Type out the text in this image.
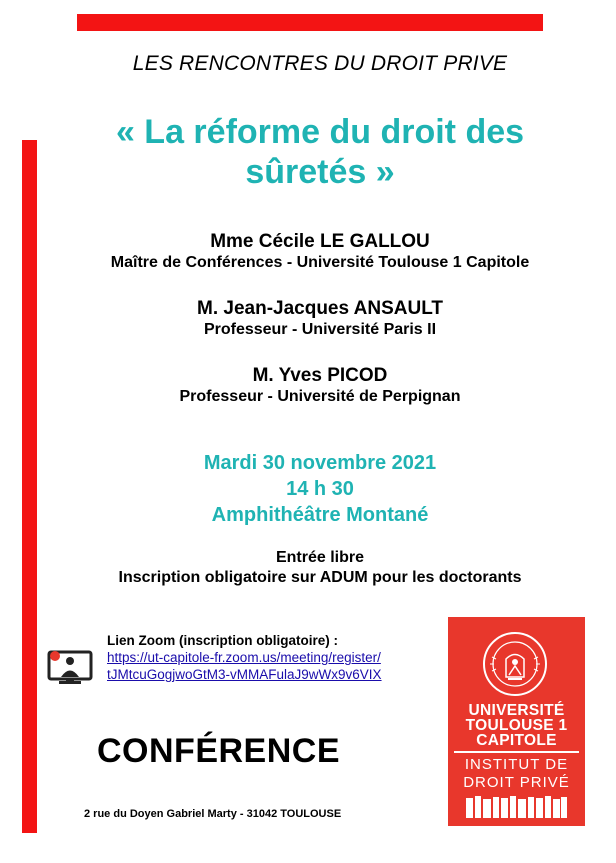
LES RENCONTRES DU DROIT PRIVE
« La réforme du droit des
sûretés »
Mme Cécile LE GALLOU
Maître de Conférences - Université Toulouse 1 Capitole
M. Jean-Jacques ANSAULT
Professeur - Université Paris II
M. Yves PICOD
Professeur - Université de Perpignan
Mardi 30 novembre 2021
14 h 30
Amphithéâtre Montané
Entrée libre
Inscription obligatoire sur ADUM pour les doctorants
Lien Zoom (inscription obligatoire) :
https://ut-capitole-fr.zoom.us/meeting/register/
tJMtcuGogjwoGtM3-vMMAFulaJ9wWx9v6VIX
CONFÉRENCE
2 rue du Doyen Gabriel Marty - 31042 TOULOUSE
UNIVERSITÉ
TOULOUSE 1
CAPITOLE
INSTITUT DE
DROIT PRIVÉ
